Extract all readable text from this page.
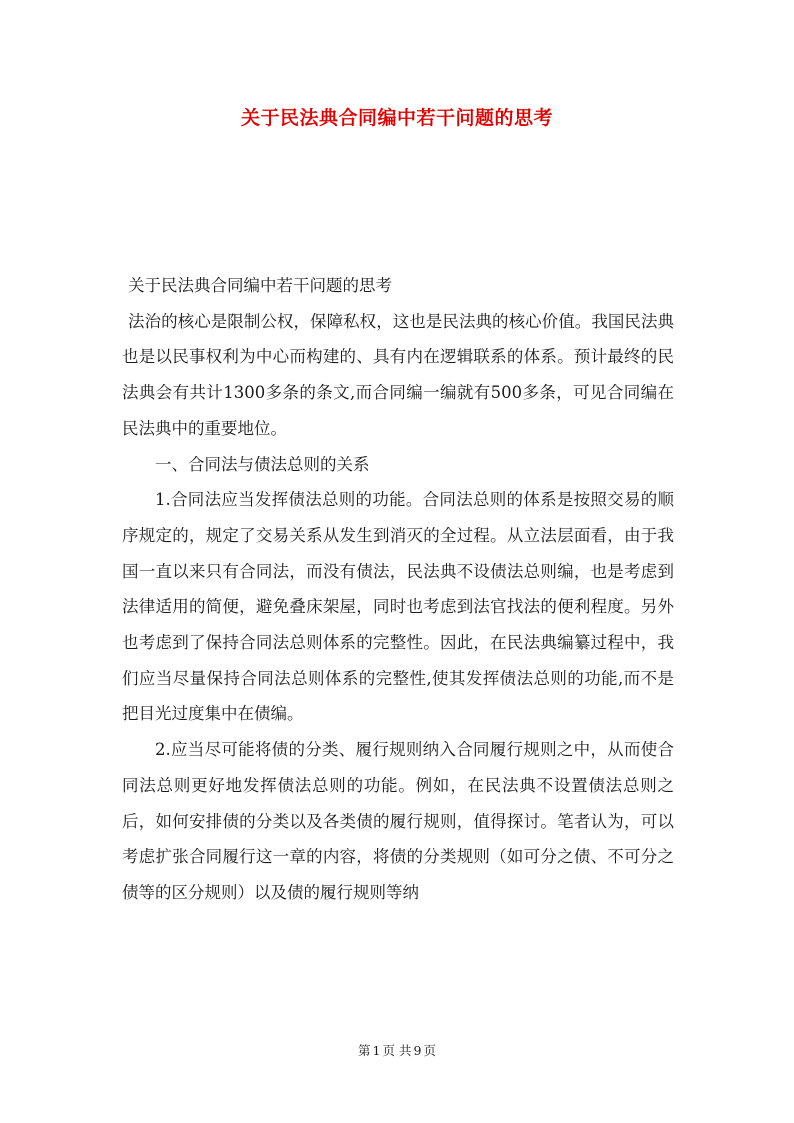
关于民法典合同编中若干问题的思考

关于民法典合同编中若干问题的思考

法治的核心是限制公权，保障私权，这也是民法典的核心价值。我国民法典也是以民事权利为中心而构建的、具有内在逻辑联系的体系。预计最终的民法典会有共计1300多条的条文,而合同编一编就有500多条，可见合同编在民法典中的重要地位。

一、合同法与债法总则的关系

1.合同法应当发挥债法总则的功能。合同法总则的体系是按照交易的顺序规定的，规定了交易关系从发生到消灭的全过程。从立法层面看，由于我国一直以来只有合同法，而没有债法，民法典不设债法总则编，也是考虑到法律适用的简便，避免叠床架屋，同时也考虑到法官找法的便利程度。另外也考虑到了保持合同法总则体系的完整性。因此，在民法典编纂过程中，我们应当尽量保持合同法总则体系的完整性,使其发挥债法总则的功能,而不是把目光过度集中在债编。

2.应当尽可能将债的分类、履行规则纳入合同履行规则之中，从而使合同法总则更好地发挥债法总则的功能。例如，在民法典不设置债法总则之后，如何安排债的分类以及各类债的履行规则，值得探讨。笔者认为，可以考虑扩张合同履行这一章的内容，将债的分类规则（如可分之债、不可分之债等的区分规则）以及债的履行规则等纳

第 1 页 共 9 页
